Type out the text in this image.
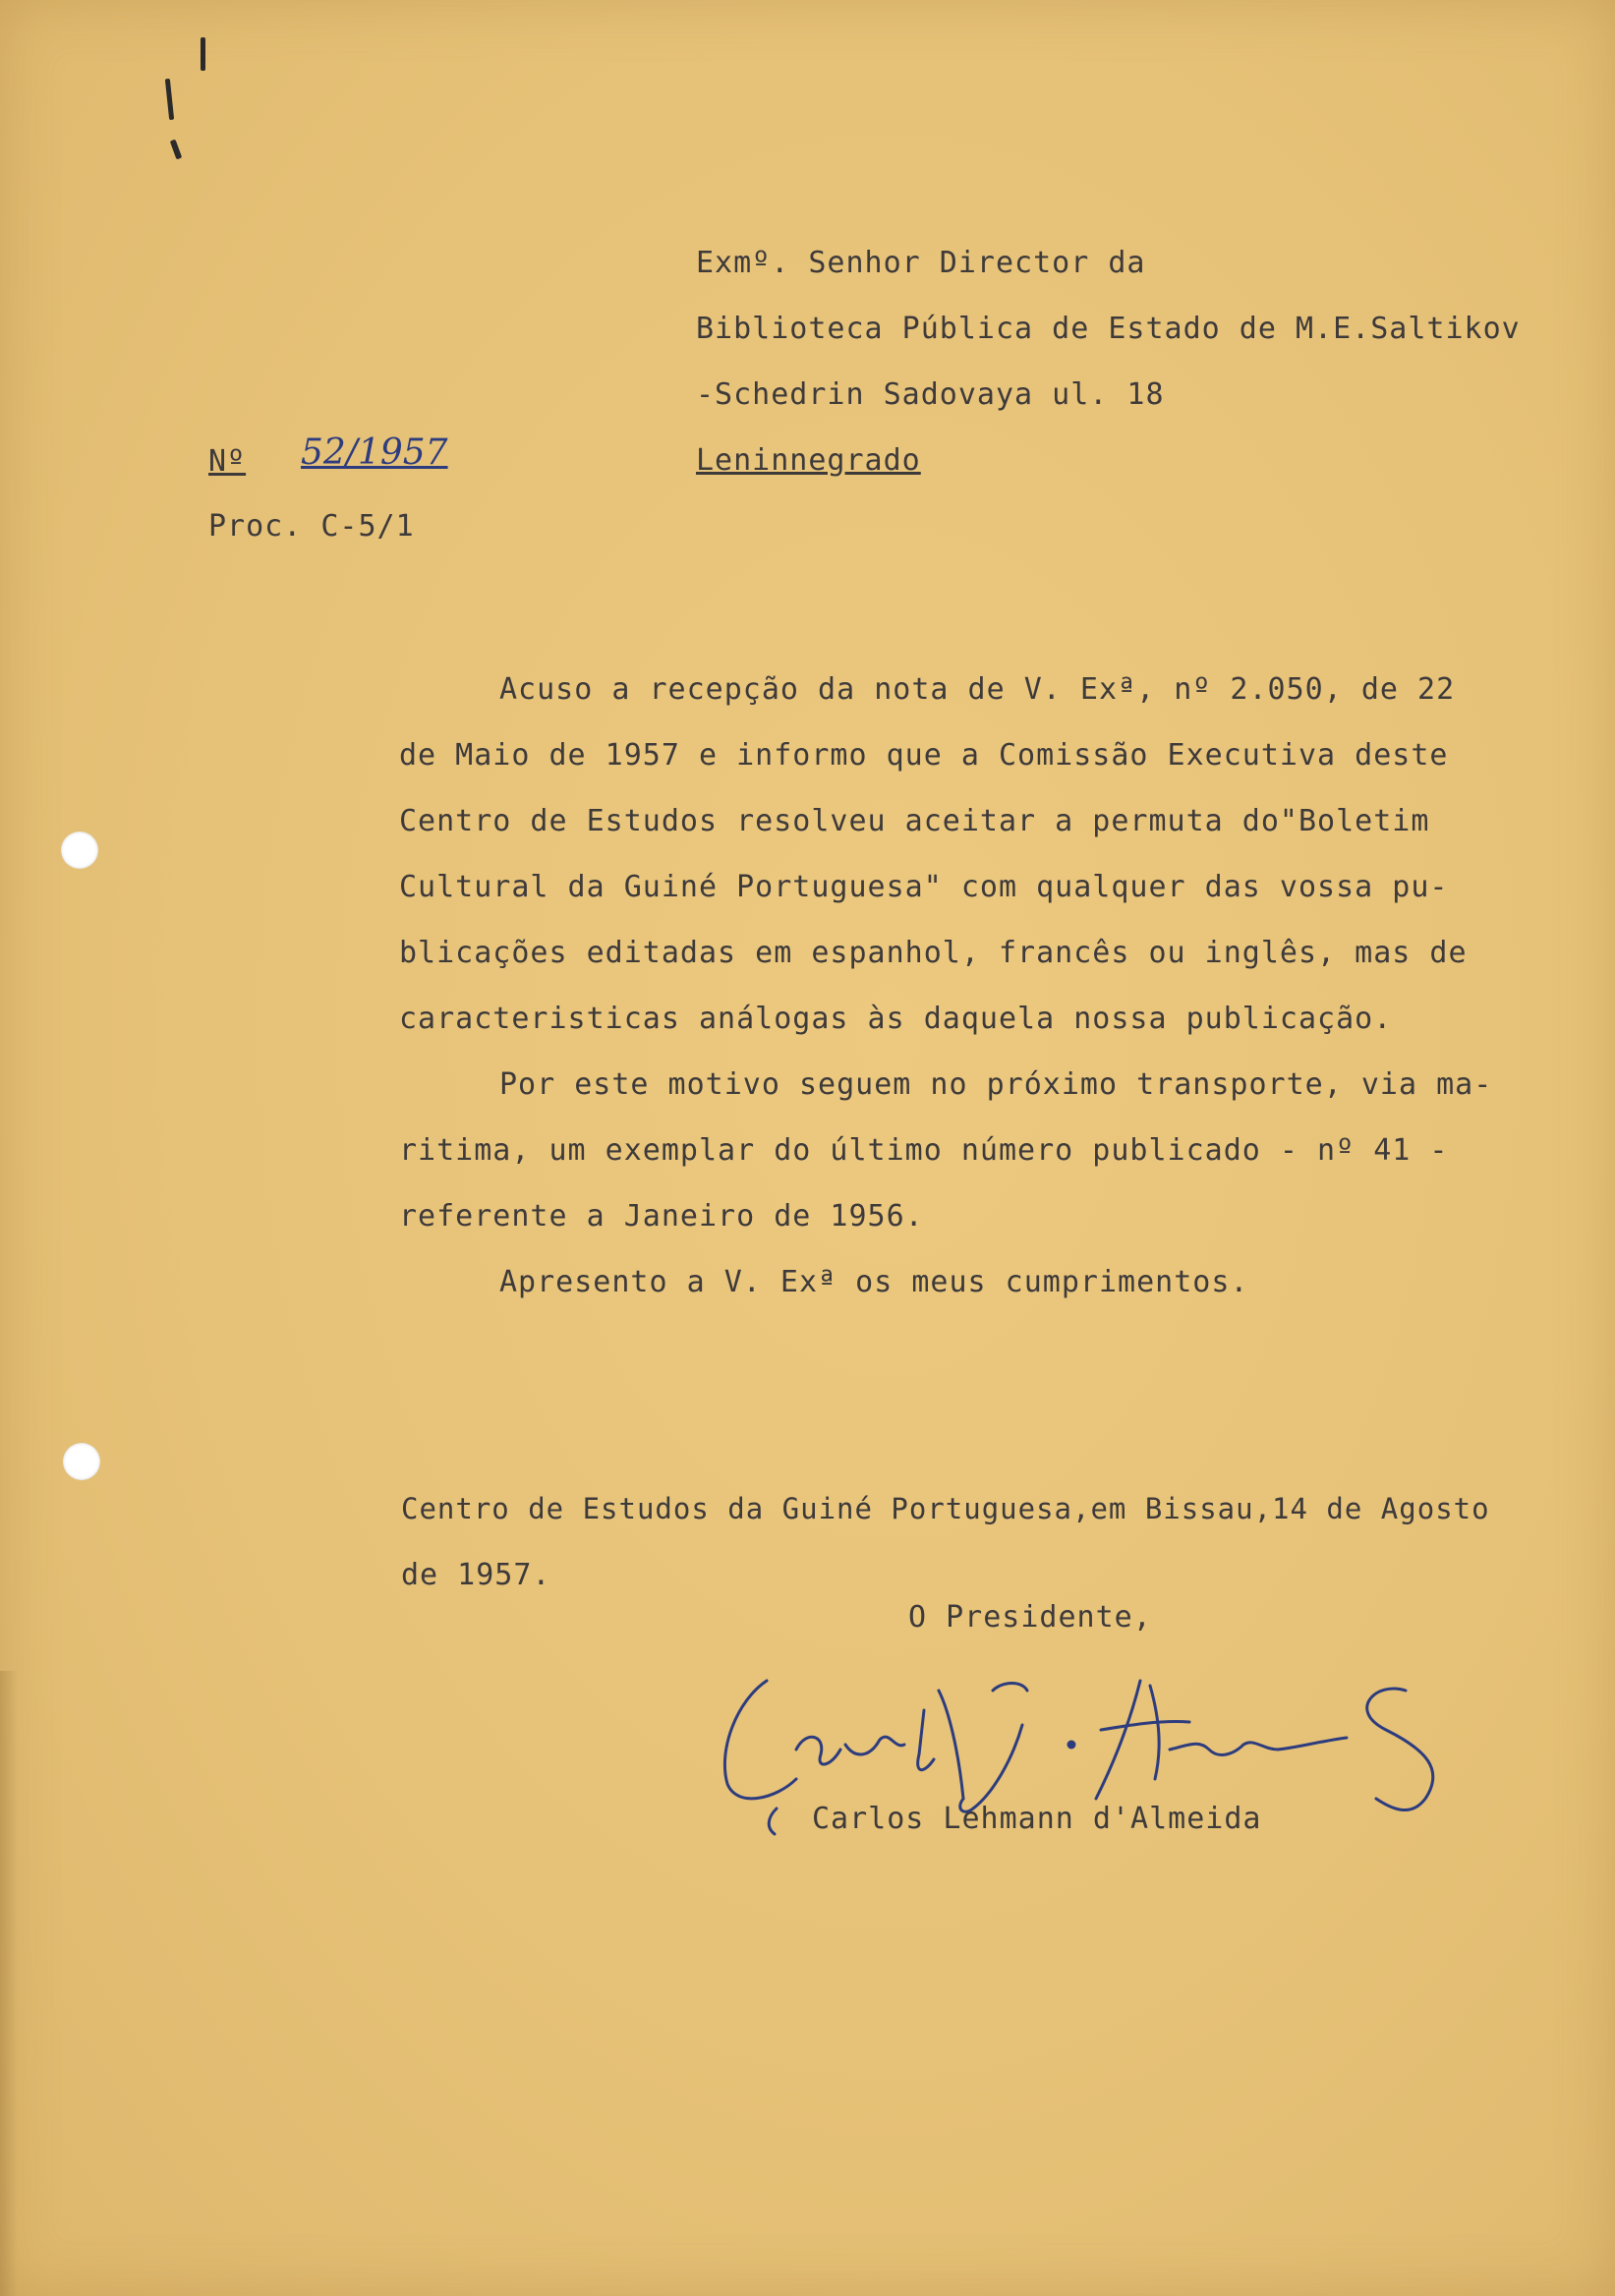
Exmº. Senhor Director da

Biblioteca Pública de Estado de M.E.Saltikov

-Schedrin Sadovaya ul. 18

Leninnegrado

Nº 52/1957

Proc. C-5/1

Acuso a recepção da nota de V. Exª, nº 2.050, de 22

de Maio de 1957 e informo que a Comissão Executiva deste

Centro de Estudos resolveu aceitar a permuta do"Boletim

Cultural da Guiné Portuguesa" com qualquer das vossa pu-

blicações editadas em espanhol, francês ou inglês, mas de

caracteristicas análogas às daquela nossa publicação.

Por este motivo seguem no próximo transporte, via ma-

ritima, um exemplar do último número publicado - nº 41 -

referente a Janeiro de 1956.

Apresento a V. Exª os meus cumprimentos.

Centro de Estudos da Guiné Portuguesa,em Bissau,14 de Agosto

de 1957.

O Presidente,

Carlos Lehmann d'Almeida
